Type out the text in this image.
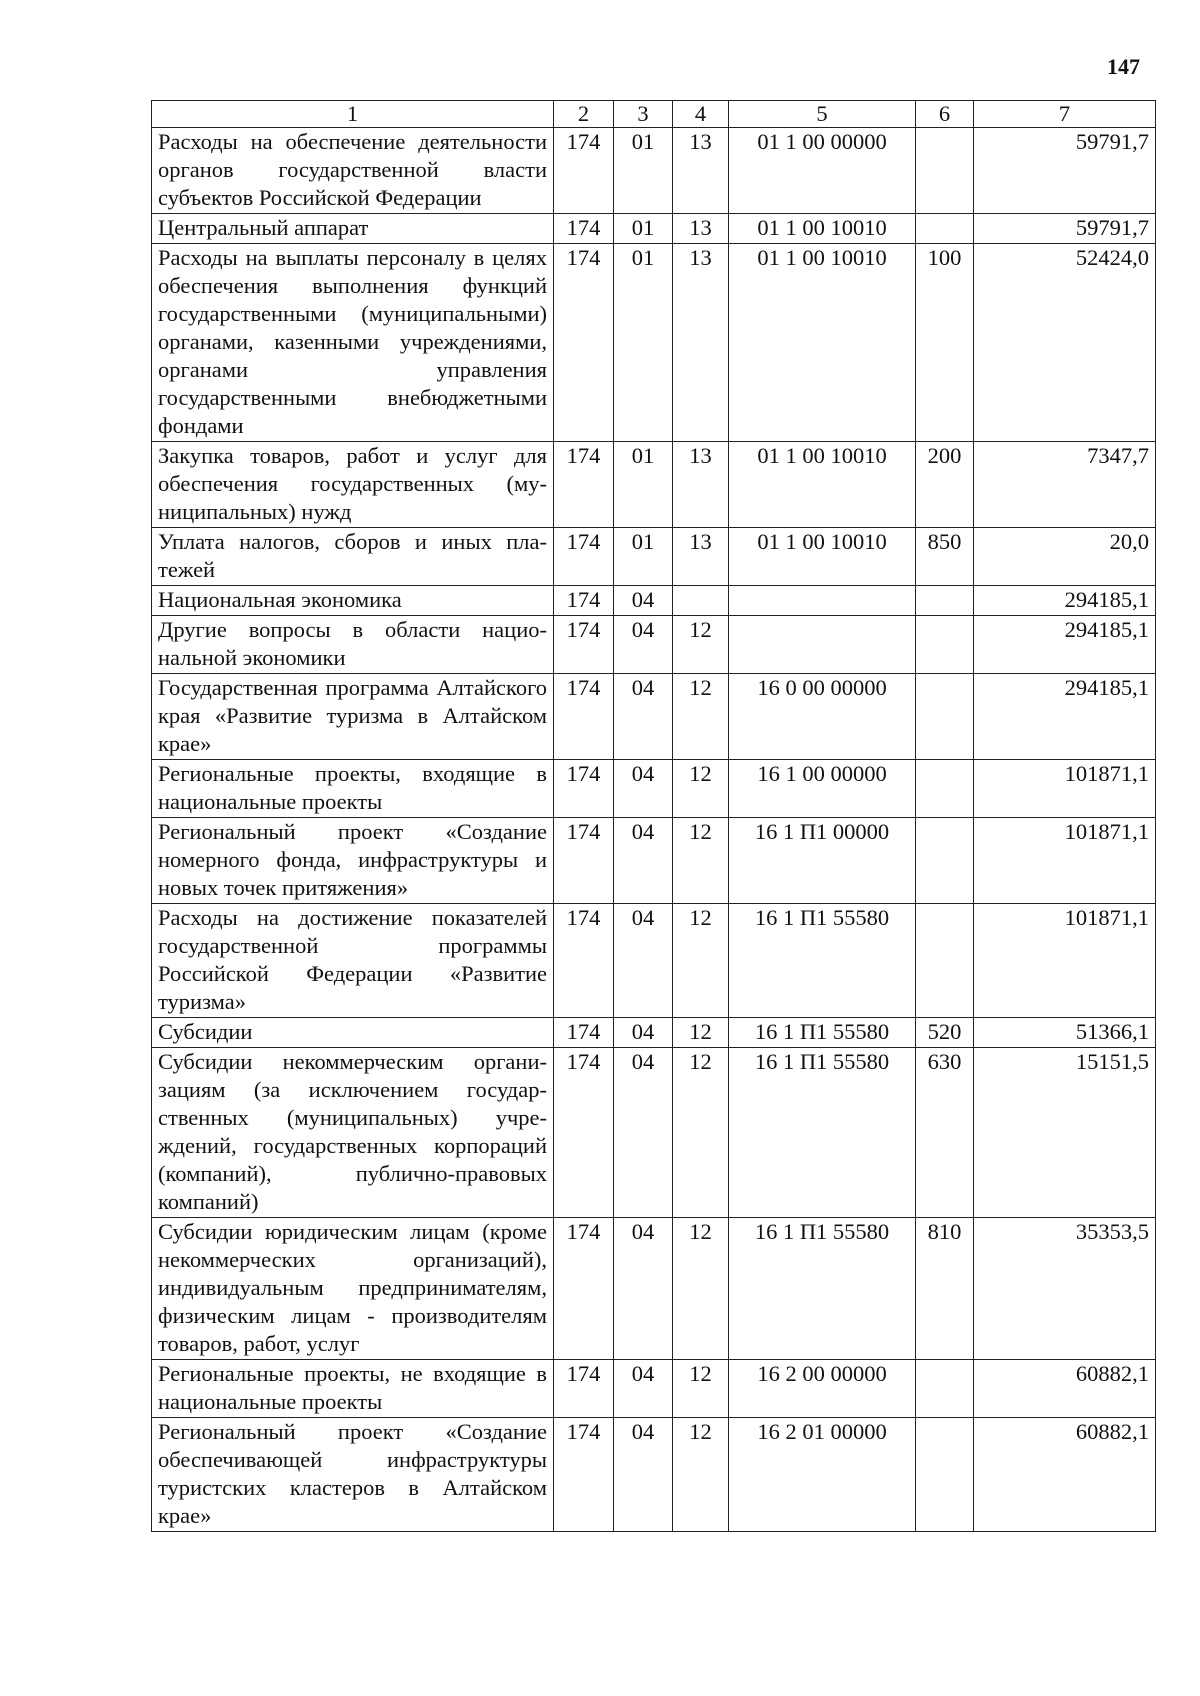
147
1	2	3	4	5	6	7
Расходы на обеспечение деятельности органов государственной власти субъектов Российской Федерации	174	01	13	01 1 00 00000		59791,7
Центральный аппарат	174	01	13	01 1 00 10010		59791,7
Расходы на выплаты персоналу в целях обеспечения выполнения функций государственными (муниципальными) органами, казенными учреждениями, органами управления государственными внебюджетными фондами	174	01	13	01 1 00 10010	100	52424,0
Закупка товаров, работ и услуг для обеспечения государственных (муниципальных) нужд	174	01	13	01 1 00 10010	200	7347,7
Уплата налогов, сборов и иных платежей	174	01	13	01 1 00 10010	850	20,0
Национальная экономика	174	04				294185,1
Другие вопросы в области национальной экономики	174	04	12			294185,1
Государственная программа Алтайского края «Развитие туризма в Алтайском крае»	174	04	12	16 0 00 00000		294185,1
Региональные проекты, входящие в национальные проекты	174	04	12	16 1 00 00000		101871,1
Региональный проект «Создание номерного фонда, инфраструктуры и новых точек притяжения»	174	04	12	16 1 П1 00000		101871,1
Расходы на достижение показателей государственной программы Российской Федерации «Развитие туризма»	174	04	12	16 1 П1 55580		101871,1
Субсидии	174	04	12	16 1 П1 55580	520	51366,1
Субсидии некоммерческим организациям (за исключением государственных (муниципальных) учреждений, государственных корпораций (компаний), публично-правовых компаний)	174	04	12	16 1 П1 55580	630	15151,5
Субсидии юридическим лицам (кроме некоммерческих организаций), индивидуальным предпринимателям, физическим лицам - производителям товаров, работ, услуг	174	04	12	16 1 П1 55580	810	35353,5
Региональные проекты, не входящие в национальные проекты	174	04	12	16 2 00 00000		60882,1
Региональный проект «Создание обеспечивающей инфраструктуры туристских кластеров в Алтайском крае»	174	04	12	16 2 01 00000		60882,1
